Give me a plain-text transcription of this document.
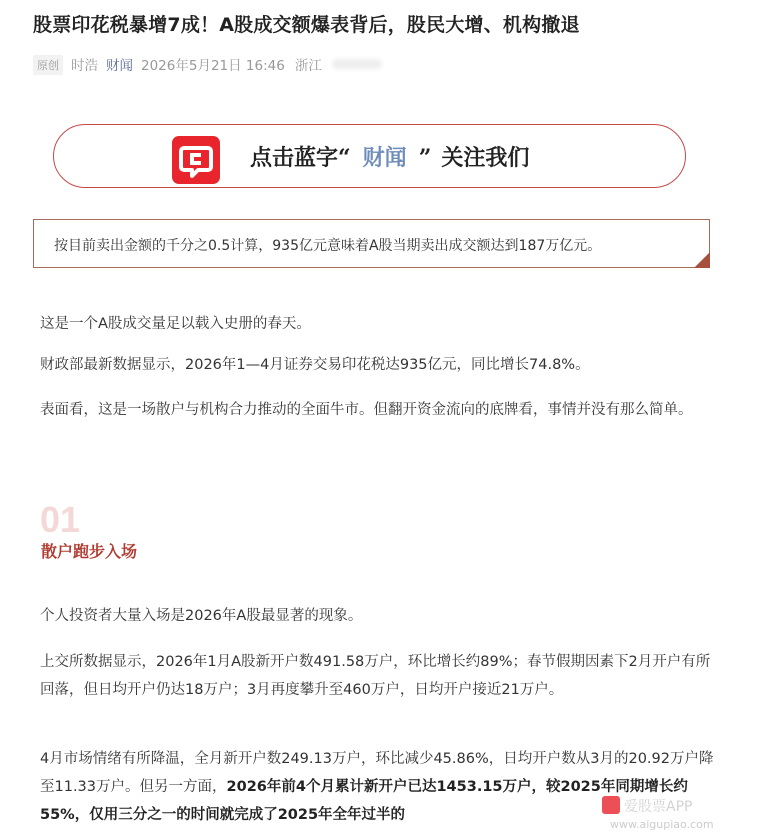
股票印花税暴增7成！A股成交额爆表背后，股民大增、机构撤退
原创 时浩 财闻 2026年5月21日 16:46 浙江
点击蓝字“ 财闻 ” 关注我们
按目前卖出金额的千分之0.5计算，935亿元意味着A股当期卖出成交额达到187万亿元。

这是一个A股成交量足以载入史册的春天。

财政部最新数据显示，2026年1—4月证券交易印花税达935亿元，同比增长74.8%。

表面看，这是一场散户与机构合力推动的全面牛市。但翻开资金流向的底牌看，事情并没有那么简单。

01
散户跑步入场

个人投资者大量入场是2026年A股最显著的现象。

上交所数据显示，2026年1月A股新开户数491.58万户，环比增长约89%；春节假期因素下2月开户有所回落，但日均开户仍达18万户；3月再度攀升至460万户，日均开户接近21万户。

4月市场情绪有所降温，全月新开户数249.13万户，环比减少45.86%，日均开户数从3月的20.92万户降至11.33万户。但另一方面，2026年前4个月累计新开户已达1453.15万户，较2025年同期增长约55%，仅用三分之一的时间就完成了2025年全年过半的	爱股票APP
www.aigupiao.com
